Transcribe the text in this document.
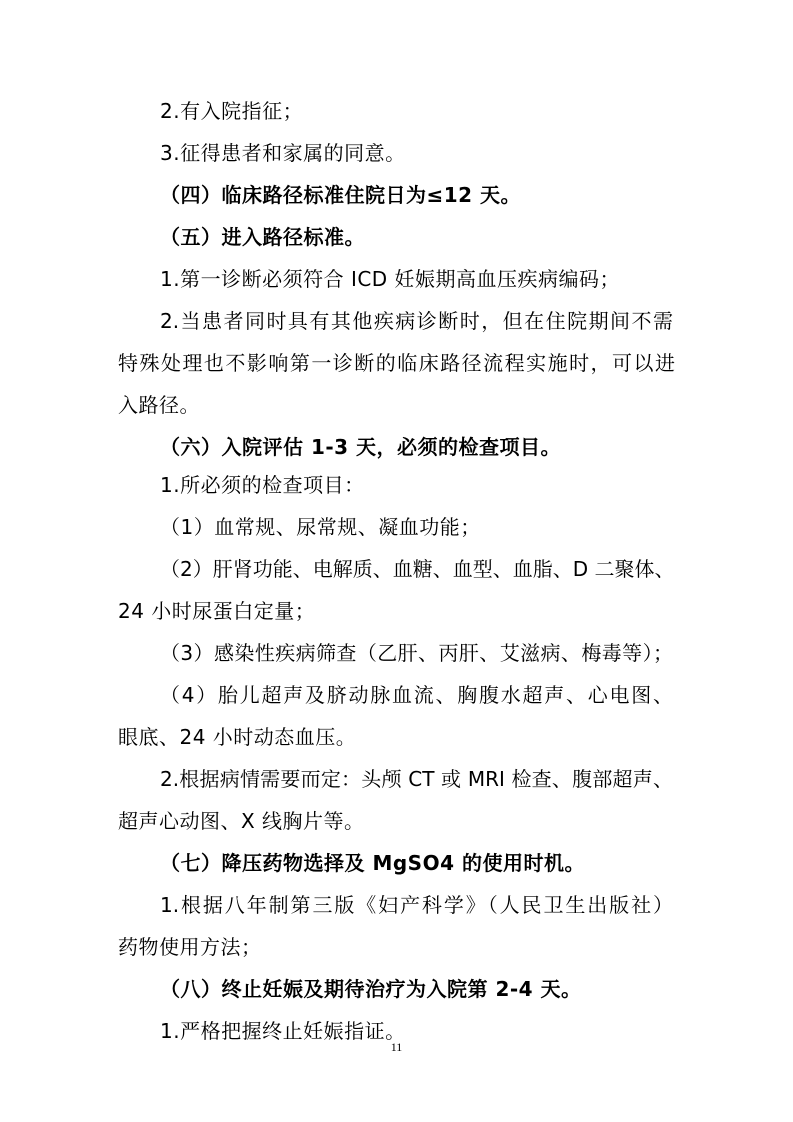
2.有入院指征；

3.征得患者和家属的同意。

（四）临床路径标准住院日为≤12 天。

（五）进入路径标准。

1.第一诊断必须符合 ICD 妊娠期高血压疾病编码；

2.当患者同时具有其他疾病诊断时，但在住院期间不需

特殊处理也不影响第一诊断的临床路径流程实施时，可以进

入路径。

（六）入院评估 1-3 天，必须的检查项目。

1.所必须的检查项目：

（1）血常规、尿常规、凝血功能；

（2）肝肾功能、电解质、血糖、血型、血脂、D 二聚体、

24 小时尿蛋白定量；

（3）感染性疾病筛查（乙肝、丙肝、艾滋病、梅毒等）；

（4）胎儿超声及脐动脉血流、胸腹水超声、心电图、

眼底、24 小时动态血压。

2.根据病情需要而定：头颅 CT 或 MRI 检查、腹部超声、

超声心动图、X 线胸片等。

（七）降压药物选择及 MgSO4 的使用时机。

1.根据八年制第三版《妇产科学》（人民卫生出版社）

药物使用方法；

（八）终止妊娠及期待治疗为入院第 2-4 天。

1.严格把握终止妊娠指证。

11
